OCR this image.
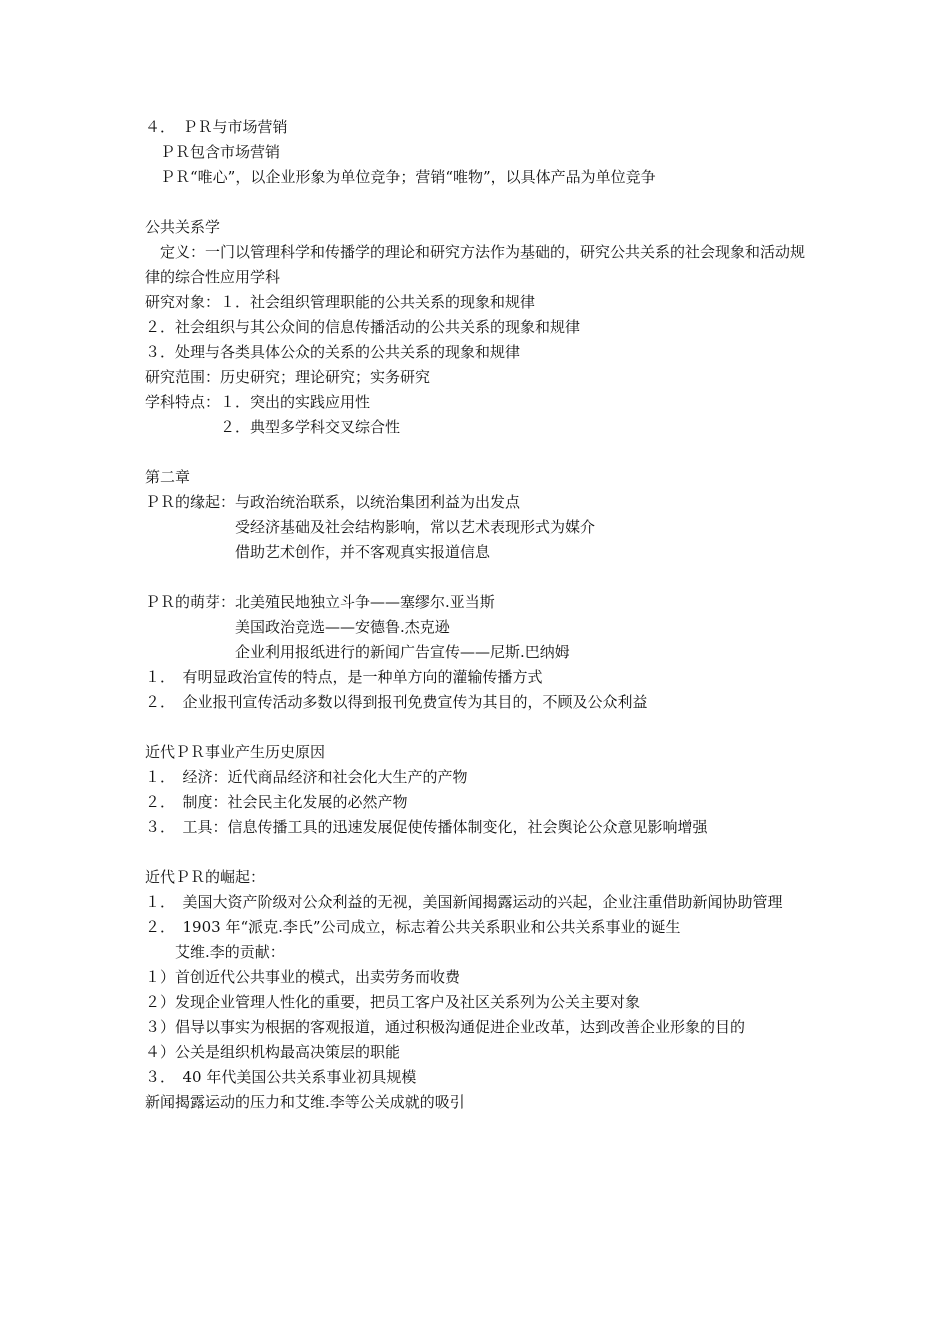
４．　ＰＲ与市场营销

　ＰＲ包含市场营销

　ＰＲ“唯心”，以企业形象为单位竞争；营销“唯物”，以具体产品为单位竞争

公共关系学

　定义：一门以管理科学和传播学的理论和研究方法作为基础的，研究公共关系的社会现象和活动规律的综合性应用学科

研究对象：１．社会组织管理职能的公共关系的现象和规律

２．社会组织与其公众间的信息传播活动的公共关系的现象和规律

３．处理与各类具体公众的关系的公共关系的现象和规律

研究范围：历史研究；理论研究；实务研究

学科特点：１．突出的实践应用性

　　　　　２．典型多学科交叉综合性

第二章

ＰＲ的缘起：与政治统治联系，以统治集团利益为出发点

　　　　　　受经济基础及社会结构影响，常以艺术表现形式为媒介

　　　　　　借助艺术创作，并不客观真实报道信息

ＰＲ的萌芽：北美殖民地独立斗争——塞缪尔.亚当斯

　　　　　　美国政治竞选——安德鲁.杰克逊

　　　　　　企业利用报纸进行的新闻广告宣传——尼斯.巴纳姆

１．　有明显政治宣传的特点，是一种单方向的灌输传播方式

２．　企业报刊宣传活动多数以得到报刊免费宣传为其目的，不顾及公众利益

近代ＰＲ事业产生历史原因

１．　经济：近代商品经济和社会化大生产的产物

２．　制度：社会民主化发展的必然产物

３．　工具：信息传播工具的迅速发展促使传播体制变化，社会舆论公众意见影响增强

近代ＰＲ的崛起：

１．　美国大资产阶级对公众利益的无视，美国新闻揭露运动的兴起，企业注重借助新闻协助管理

２．　1903 年“派克.李氏”公司成立，标志着公共关系职业和公共关系事业的诞生

　　艾维.李的贡献：

１）首创近代公共事业的模式，出卖劳务而收费

２）发现企业管理人性化的重要，把员工客户及社区关系列为公关主要对象

３）倡导以事实为根据的客观报道，通过积极沟通促进企业改革，达到改善企业形象的目的

４）公关是组织机构最高决策层的职能

３．　40 年代美国公共关系事业初具规模

新闻揭露运动的压力和艾维.李等公关成就的吸引
